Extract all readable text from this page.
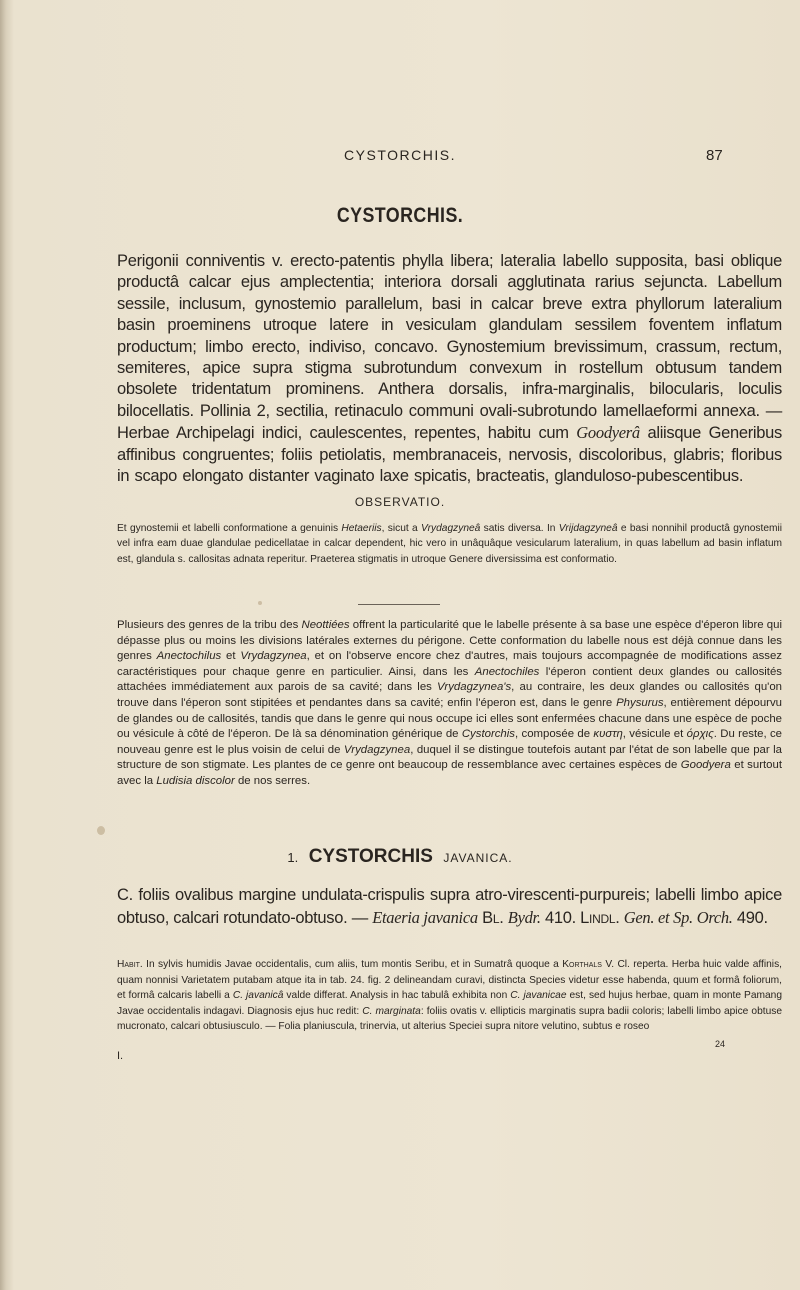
CYSTORCHIS.	87
CYSTORCHIS.
Perigonii conniventis v. erecto-patentis phylla libera; lateralia labello supposita, basi oblique productâ calcar ejus amplectentia; interiora dorsali agglutinata rarius sejuncta. Labellum sessile, inclusum, gynostemio parallelum, basi in calcar breve extra phyllorum lateralium basin proeminens utroque latere in vesiculam glandulam sessilem foventem inflatum productum; limbo erecto, indiviso, concavo. Gynostemium brevissimum, crassum, rectum, semiteres, apice supra stigma subrotundum convexum in rostellum obtusum tandem obsolete tridentatum prominens. Anthera dorsalis, infra-marginalis, bilocularis, loculis bilocellatis. Pollinia 2, sectilia, retinaculo communi ovali-subrotundo lamellaeformi annexa. — Herbae Archipelagi indici, caulescentes, repentes, habitu cum Goodyerâ aliisque Generibus affinibus congruentes; foliis petiolatis, membranaceis, nervosis, discoloribus, glabris; floribus in scapo elongato distanter vaginato laxe spicatis, bracteatis, glanduloso-pubescentibus.
OBSERVATIO.
Et gynostemii et labelli conformatione a genuinis Hetaeriis, sicut a Vrydagzyneâ satis diversa. In Vrijdagzyneâ e basi nonnihil productâ gynostemii vel infra eam duae glandulae pedicellatae in calcar dependent, hic vero in unâquâque vesicularum lateralium, in quas labellum ad basin inflatum est, glandula s. callositas adnata reperitur. Praeterea stigmatis in utroque Genere diversissima est conformatio.
Plusieurs des genres de la tribu des Neottiées offrent la particularité que le labelle présente à sa base une espèce d'éperon libre qui dépasse plus ou moins les divisions latérales externes du périgone. Cette conformation du labelle nous est déjà connue dans les genres Anectochilus et Vrydagzynea, et on l'observe encore chez d'autres, mais toujours accompagnée de modifications assez caractéristiques pour chaque genre en particulier. Ainsi, dans les Anectochiles l'éperon contient deux glandes ou callosités attachées immédiatement aux parois de sa cavité; dans les Vrydagzynea's, au contraire, les deux glandes ou callosités qu'on trouve dans l'éperon sont stipitées et pendantes dans sa cavité; enfin l'éperon est, dans le genre Physurus, entièrement dépourvu de glandes ou de callosités, tandis que dans le genre qui nous occupe ici elles sont enfermées chacune dans une espèce de poche ou vésicule à côté de l'éperon. De là sa dénomination générique de Cystorchis, composée de κυστη, vésicule et όρχις. Du reste, ce nouveau genre est le plus voisin de celui de Vrydagzynea, duquel il se distingue toutefois autant par l'état de son labelle que par la structure de son stigmate. Les plantes de ce genre ont beaucoup de ressemblance avec certaines espèces de Goodyera et surtout avec la Ludisia discolor de nos serres.
1. CYSTORCHIS JAVANICA.
C. foliis ovalibus margine undulata-crispulis supra atro-virescenti-purpureis; labelli limbo apice obtuso, calcari rotundato-obtuso. — Etaeria javanica Bl. Bydr. 410. Lindl. Gen. et Sp. Orch. 490.
Habit. In sylvis humidis Javae occidentalis, cum aliis, tum montis Seribu, et in Sumatrâ quoque a Korthals V. Cl. reperta. Herba huic valde affinis, quam nonnisi Varietatem putabam atque ita in tab. 24. fig. 2 delineandam curavi, distincta Species videtur esse habenda, quum et formâ foliorum, et formâ calcaris labelli a C. javanicâ valde differat. Analysis in hac tabulâ exhibita non C. javanicae est, sed hujus herbae, quam in monte Pamang Javae occidentalis indagavi. Diagnosis ejus huc redit: C. marginata: foliis ovatis v. ellipticis marginatis supra badii coloris; labelli limbo apice obtuse mucronato, calcari obtusiusculo. — Folia planiuscula, trinervia, ut alterius Speciei supra nitore velutino, subtus e roseo
I.
24
